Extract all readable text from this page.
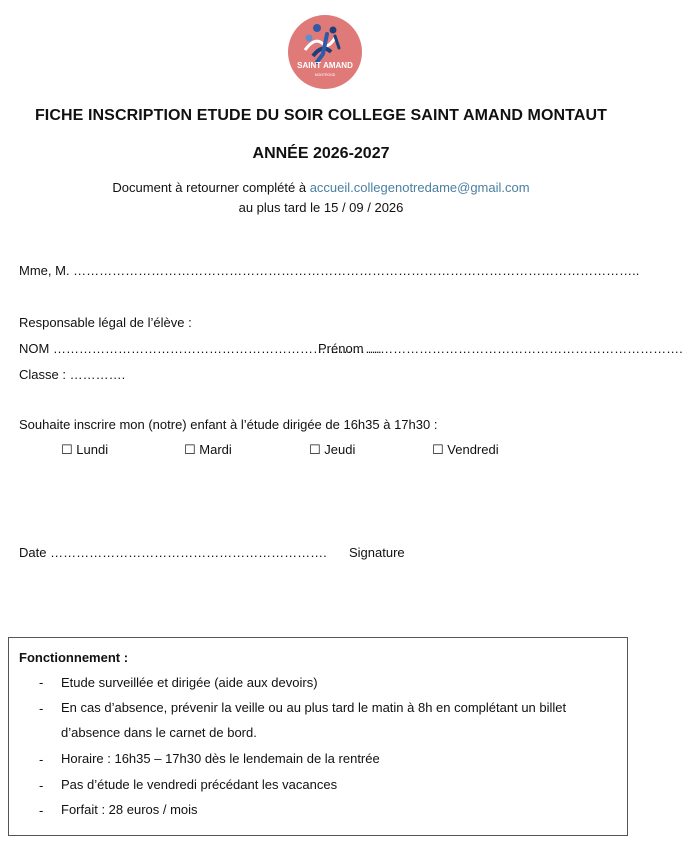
SAINT AMAND
MONTROND
FICHE INSCRIPTION ETUDE DU SOIR COLLEGE SAINT AMAND MONTAUT
ANNÉE 2026-2027
Document à retourner complété à accueil.collegenotredame@gmail.com
au plus tard le 15 / 09 / 2026
Mme, M. …………………………………………………………………………………………………………………..
Responsable légal de l’élève :
NOM ………………………………………………………………….
Prénom ……………………………………………………………….
Classe : ………….
Souhaite inscrire mon (notre) enfant à l’étude dirigée de 16h35 à 17h30 :
☐ Lundi	☐ Mardi	☐ Jeudi	☐ Vendredi
Date ………………………………………………………. Signature
Fonctionnement :
- Etude surveillée et dirigée (aide aux devoirs)
- En cas d’absence, prévenir la veille ou au plus tard le matin à 8h en complétant un billet d’absence dans le carnet de bord.
- Horaire : 16h35 – 17h30 dès le lendemain de la rentrée
- Pas d’étude le vendredi précédant les vacances
- Forfait : 28 euros / mois
